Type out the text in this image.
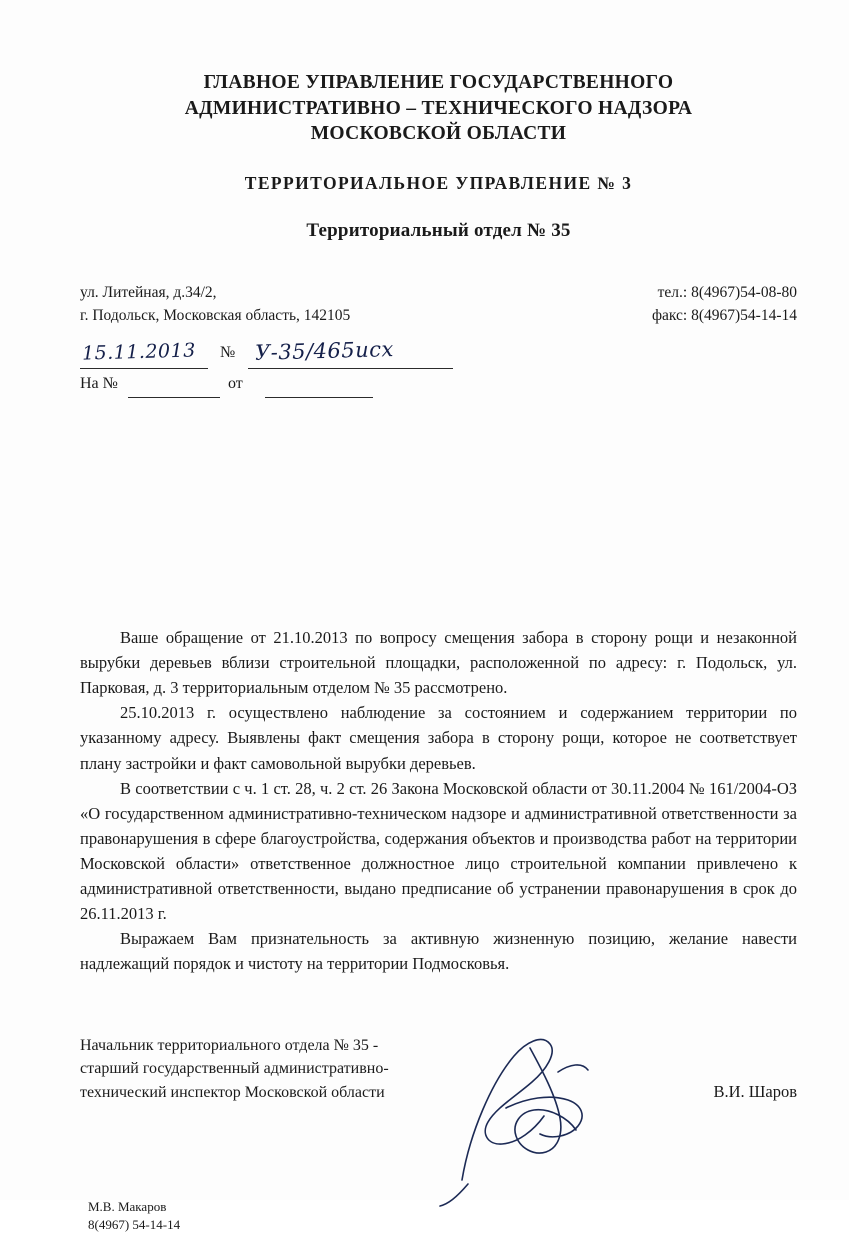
ГЛАВНОЕ УПРАВЛЕНИЕ ГОСУДАРСТВЕННОГО
АДМИНИСТРАТИВНО – ТЕХНИЧЕСКОГО НАДЗОРА
МОСКОВСКОЙ ОБЛАСТИ
ТЕРРИТОРИАЛЬНОЕ УПРАВЛЕНИЕ № 3
Территориальный отдел № 35
ул. Литейная, д.34/2,
г. Подольск, Московская область, 142105
тел.: 8(4967)54-08-80
факс: 8(4967)54-14-14
15.11.2013 № У-35/465исх
На №	от

Ваше обращение от 21.10.2013 по вопросу смещения забора в сторону рощи и незаконной вырубки деревьев вблизи строительной площадки, расположенной по адресу: г. Подольск, ул. Парковая, д. 3 территориальным отделом № 35 рассмотрено.

25.10.2013 г. осуществлено наблюдение за состоянием и содержанием территории по указанному адресу. Выявлены факт смещения забора в сторону рощи, которое не соответствует плану застройки и факт самовольной вырубки деревьев.

В соответствии с ч. 1 ст. 28, ч. 2 ст. 26 Закона Московской области от 30.11.2004 № 161/2004-ОЗ «О государственном административно-техническом надзоре и административной ответственности за правонарушения в сфере благоустройства, содержания объектов и производства работ на территории Московской области» ответственное должностное лицо строительной компании привлечено к административной ответственности, выдано предписание об устранении правонарушения в срок до 26.11.2013 г.

Выражаем Вам признательность за активную жизненную позицию, желание навести надлежащий порядок и чистоту на территории Подмосковья.

Начальник территориального отдела № 35 -
старший государственный административно-
технический инспектор Московской области	В.И. Шаров
М.В. Макаров
8(4967) 54-14-14
